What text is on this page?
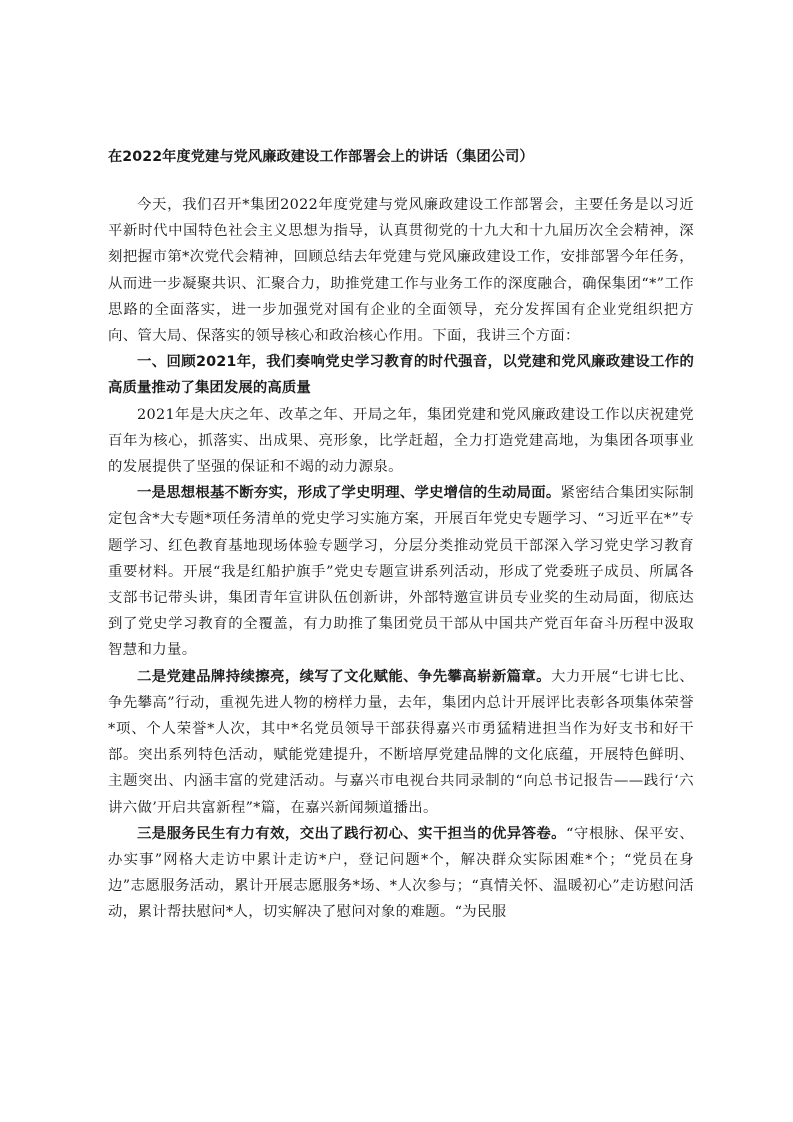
在2022年度党建与党风廉政建设工作部署会上的讲话（集团公司）

今天，我们召开*集团2022年度党建与党风廉政建设工作部署会，主要任务是以习近平新时代中国特色社会主义思想为指导，认真贯彻党的十九大和十九届历次全会精神，深刻把握市第*次党代会精神，回顾总结去年党建与党风廉政建设工作，安排部署今年任务，从而进一步凝聚共识、汇聚合力，助推党建工作与业务工作的深度融合，确保集团“*”工作思路的全面落实，进一步加强党对国有企业的全面领导，充分发挥国有企业党组织把方向、管大局、保落实的领导核心和政治核心作用。下面，我讲三个方面：

一、回顾2021年，我们奏响党史学习教育的时代强音，以党建和党风廉政建设工作的高质量推动了集团发展的高质量

2021年是大庆之年、改革之年、开局之年，集团党建和党风廉政建设工作以庆祝建党百年为核心，抓落实、出成果、亮形象，比学赶超，全力打造党建高地，为集团各项事业的发展提供了坚强的保证和不竭的动力源泉。

一是思想根基不断夯实，形成了学史明理、学史增信的生动局面。紧密结合集团实际制定包含*大专题*项任务清单的党史学习实施方案，开展百年党史专题学习、“习近平在*”专题学习、红色教育基地现场体验专题学习，分层分类推动党员干部深入学习党史学习教育重要材料。开展“我是红船护旗手”党史专题宣讲系列活动，形成了党委班子成员、所属各支部书记带头讲，集团青年宣讲队伍创新讲，外部特邀宣讲员专业奖的生动局面，彻底达到了党史学习教育的全覆盖，有力助推了集团党员干部从中国共产党百年奋斗历程中汲取智慧和力量。

二是党建品牌持续擦亮，续写了文化赋能、争先攀高崭新篇章。大力开展“七讲七比、争先攀高”行动，重视先进人物的榜样力量，去年，集团内总计开展评比表彰各项集体荣誉*项、个人荣誉*人次，其中*名党员领导干部获得嘉兴市勇猛精进担当作为好支书和好干部。突出系列特色活动，赋能党建提升，不断培厚党建品牌的文化底蕴，开展特色鲜明、主题突出、内涵丰富的党建活动。与嘉兴市电视台共同录制的“向总书记报告——践行‘六讲六做’开启共富新程”*篇，在嘉兴新闻频道播出。

三是服务民生有力有效，交出了践行初心、实干担当的优异答卷。“守根脉、保平安、办实事”网格大走访中累计走访*户，登记问题*个，解决群众实际困难*个；“党员在身边”志愿服务活动，累计开展志愿服务*场、*人次参与；“真情关怀、温暖初心”走访慰问活动，累计帮扶慰问*人，切实解决了慰问对象的难题。“为民服
